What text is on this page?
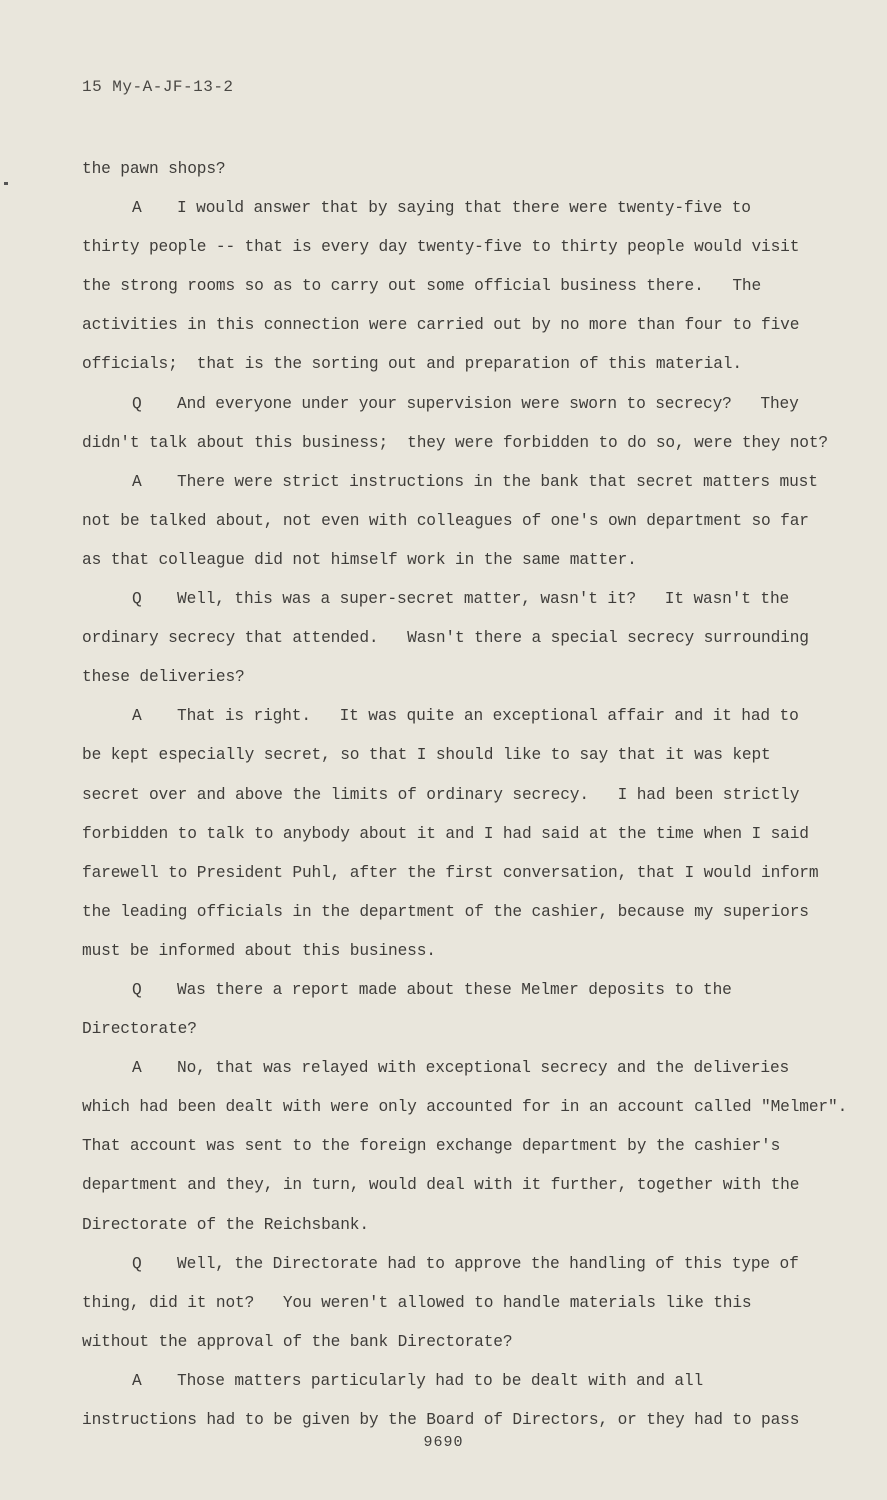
15 My-A-JF-13-2
the pawn shops?
A I would answer that by saying that there were twenty-five to
thirty people -- that is every day twenty-five to thirty people would visit
the strong rooms so as to carry out some official business there.   The
activities in this connection were carried out by no more than four to five
officials;  that is the sorting out and preparation of this material.
Q And everyone under your supervision were sworn to secrecy?   They
didn't talk about this business;  they were forbidden to do so, were they not?
A There were strict instructions in the bank that secret matters must
not be talked about, not even with colleagues of one's own department so far
as that colleague did not himself work in the same matter.
Q Well, this was a super-secret matter, wasn't it?   It wasn't the
ordinary secrecy that attended.   Wasn't there a special secrecy surrounding
these deliveries?
A That is right.   It was quite an exceptional affair and it had to
be kept especially secret, so that I should like to say that it was kept
secret over and above the limits of ordinary secrecy.   I had been strictly
forbidden to talk to anybody about it and I had said at the time when I said
farewell to President Puhl, after the first conversation, that I would inform
the leading officials in the department of the cashier, because my superiors
must be informed about this business.
Q Was there a report made about these Melmer deposits to the
Directorate?
A No, that was relayed with exceptional secrecy and the deliveries
which had been dealt with were only accounted for in an account called "Melmer".
That account was sent to the foreign exchange department by the cashier's
department and they, in turn, would deal with it further, together with the
Directorate of the Reichsbank.
Q Well, the Directorate had to approve the handling of this type of
thing, did it not?   You weren't allowed to handle materials like this
without the approval of the bank Directorate?
A Those matters particularly had to be dealt with and all
instructions had to be given by the Board of Directors, or they had to pass
9690
